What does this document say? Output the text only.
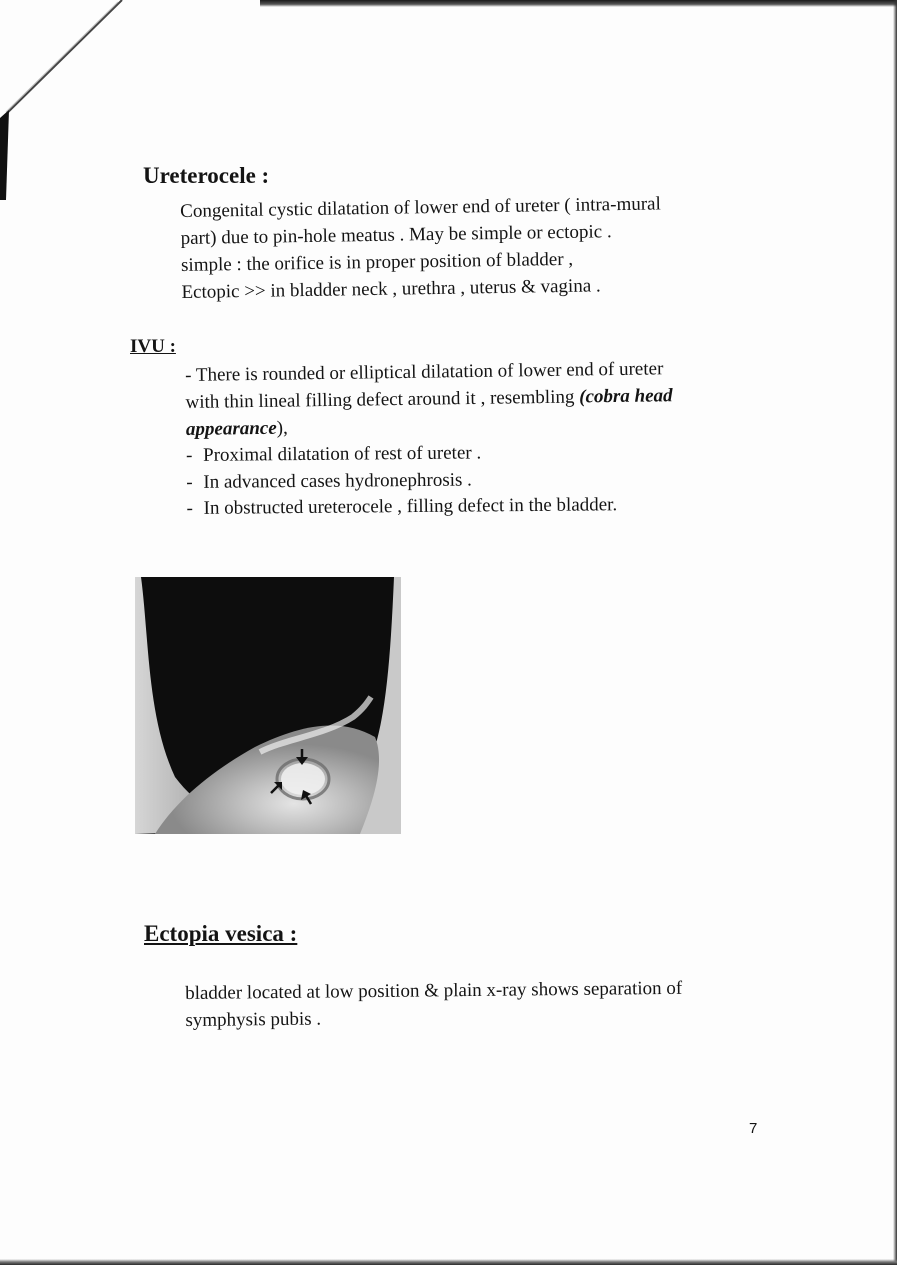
Ureterocele :
Congenital cystic dilatation of lower end of ureter ( intra-mural
part) due to pin-hole meatus . May be simple or ectopic .
simple : the orifice is in proper position of bladder ,
Ectopic >> in bladder neck , urethra , uterus & vagina .
IVU :
- There is rounded or elliptical dilatation of lower end of ureter
with thin lineal filling defect around it , resembling (cobra head
appearance),
- Proximal dilatation of rest of ureter .
- In advanced cases hydronephrosis .
- In obstructed ureterocele , filling defect in the bladder.
Ectopia vesica :
bladder located at low position & plain x-ray shows separation of
symphysis pubis .
7
